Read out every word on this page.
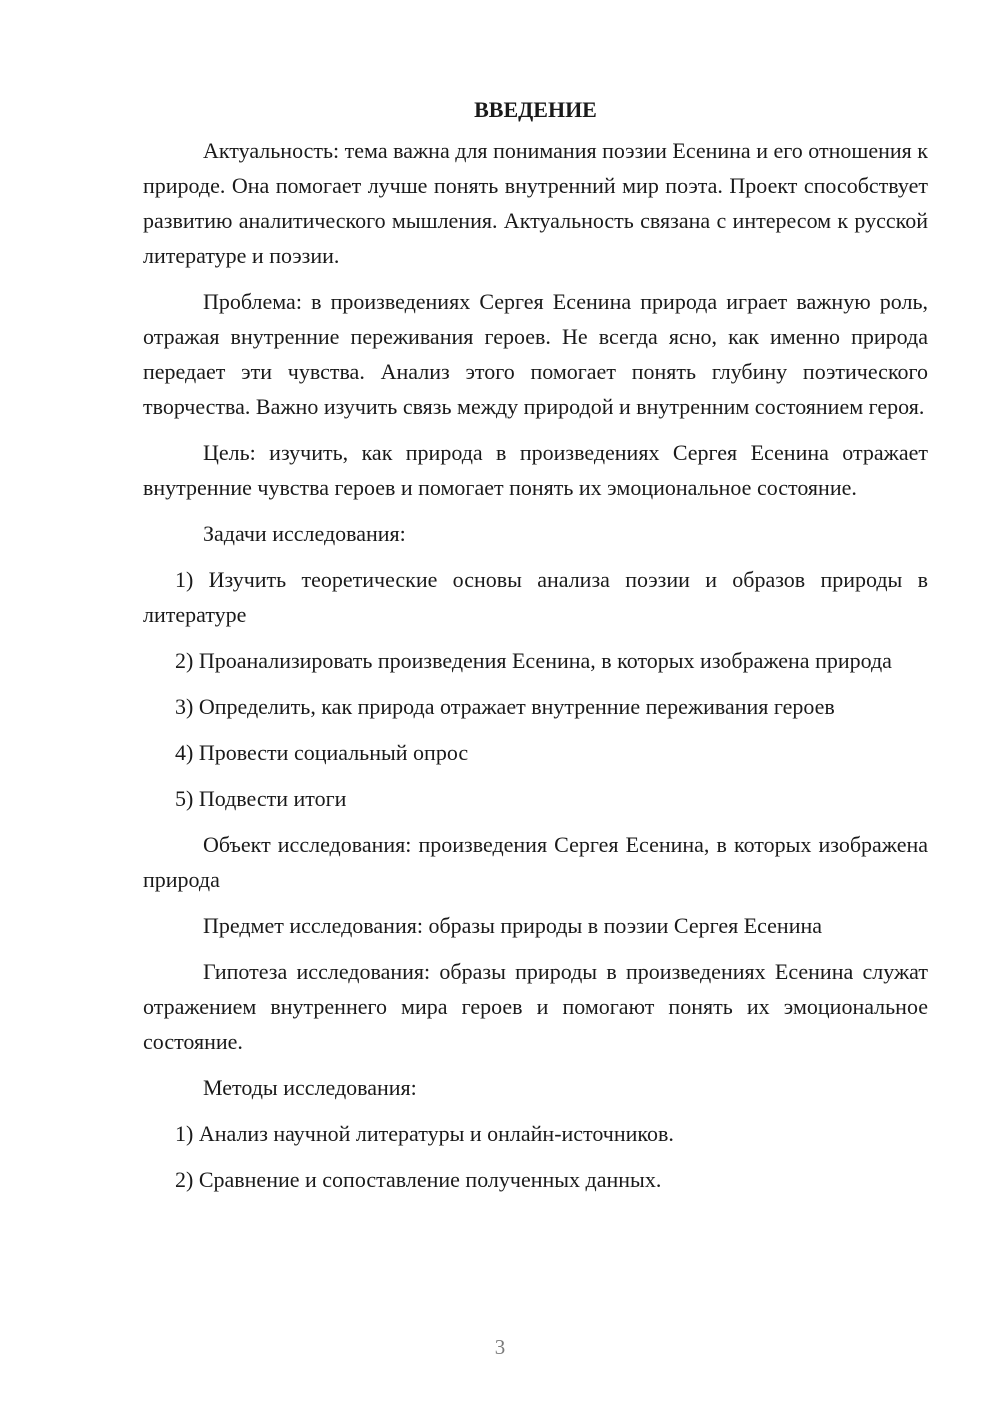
ВВЕДЕНИЕ

Актуальность: тема важна для понимания поэзии Есенина и его отношения к природе. Она помогает лучше понять внутренний мир поэта. Проект способствует развитию аналитического мышления. Актуальность связана с интересом к русской литературе и поэзии.

Проблема: в произведениях Сергея Есенина природа играет важную роль, отражая внутренние переживания героев. Не всегда ясно, как именно природа передает эти чувства. Анализ этого помогает понять глубину поэтического творчества. Важно изучить связь между природой и внутренним состоянием героя.

Цель: изучить, как природа в произведениях Сергея Есенина отражает внутренние чувства героев и помогает понять их эмоциональное состояние.

Задачи исследования:

1) Изучить теоретические основы анализа поэзии и образов природы в литературе

2) Проанализировать произведения Есенина, в которых изображена природа

3) Определить, как природа отражает внутренние переживания героев

4) Провести социальный опрос

5) Подвести итоги

Объект исследования: произведения Сергея Есенина, в которых изображена природа

Предмет исследования: образы природы в поэзии Сергея Есенина

Гипотеза исследования: образы природы в произведениях Есенина служат отражением внутреннего мира героев и помогают понять их эмоциональное состояние.

Методы исследования:

1) Анализ научной литературы и онлайн-источников.

2) Сравнение и сопоставление полученных данных.

3
